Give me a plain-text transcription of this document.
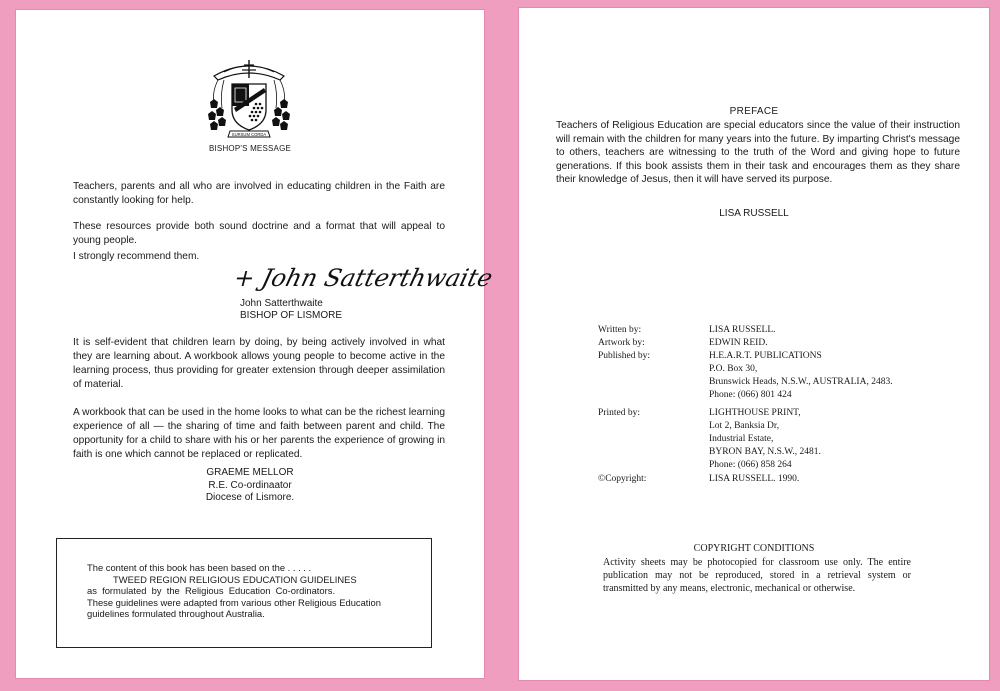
SURSUM CORDA
BISHOP'S MESSAGE
Teachers, parents and all who are involved in educating children in the Faith are constantly looking for help.
These resources provide both sound doctrine and a format that will appeal to young people.
I strongly recommend them.
+ John Satterthwaite
John Satterthwaite
BISHOP OF LISMORE
It is self-evident that children learn by doing, by being actively involved in what they are learning about. A workbook allows young people to become active in the learning process, thus providing for greater extension through deeper assimilation of material.
A workbook that can be used in the home looks to what can be the richest learning experience of all — the sharing of time and faith between parent and child. The opportunity for a child to share with his or her parents the experience of growing in faith is one which cannot be replaced or replicated.
GRAEME MELLOR
R.E. Co-ordinaator
Diocese of Lismore.
The content of this book has been based on the . . . . .
TWEED REGION RELIGIOUS EDUCATION GUIDELINES
as  formulated  by  the  Religious  Education  Co-ordinators.
These guidelines were adapted from various other Religious Education
guidelines formulated throughout Australia.
PREFACE
Teachers of Religious Education are special educators since the value of their instruction will remain with the children for many years into the future. By imparting Christ's message to others, teachers are witnessing to the truth of the Word and giving hope to future generations. If this book assists them in their task and encourages them as they share their knowledge of Jesus, then it will have served its purpose.
LISA RUSSELL
Written by:	LISA RUSSELL.
Artwork by:	EDWIN REID.
Published by:	H.E.A.R.T. PUBLICATIONS
P.O. Box 30,
Brunswick Heads, N.S.W., AUSTRALIA, 2483.
Phone: (066) 801 424
Printed by:	LIGHTHOUSE PRINT,
Lot 2, Banksia Dr,
Industrial Estate,
BYRON BAY, N.S.W., 2481.
Phone: (066) 858 264
©Copyright:	LISA RUSSELL. 1990.
COPYRIGHT CONDITIONS
Activity sheets may be photocopied for classroom use only. The entire publication may not be reproduced, stored in a retrieval system or transmitted by any means, electronic, mechanical or otherwise.
